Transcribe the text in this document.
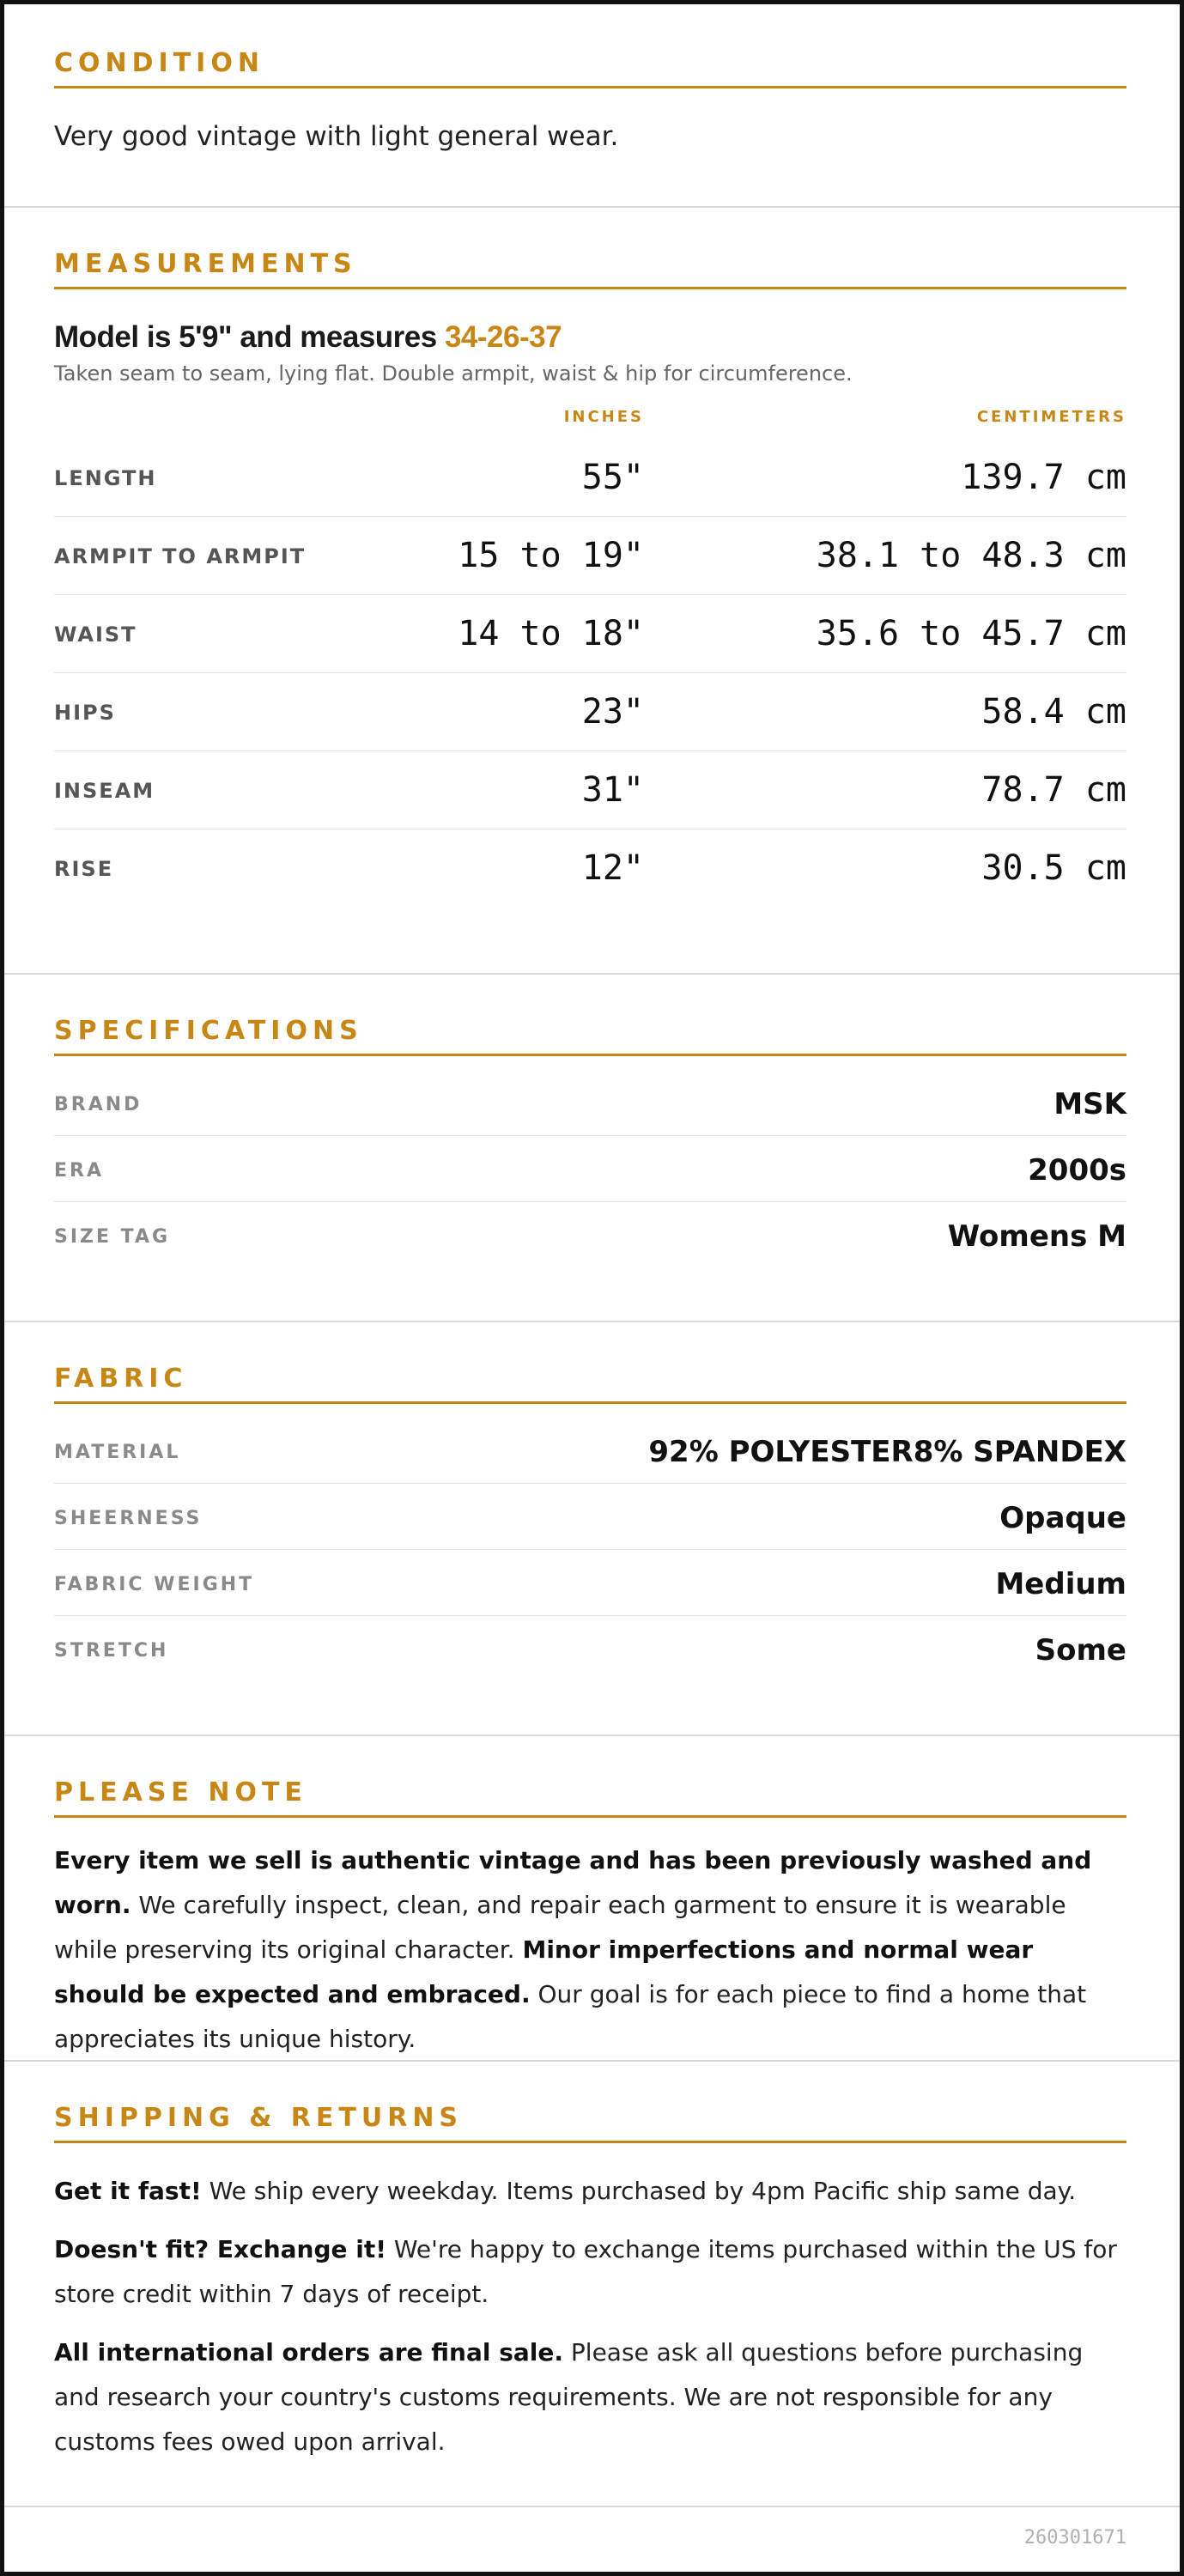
CONDITION
Very good vintage with light general wear.
MEASUREMENTS
Model is 5'9" and measures 34-26-37
Taken seam to seam, lying flat. Double armpit, waist & hip for circumference.
INCHES	CENTIMETERS
LENGTH	55"	139.7 cm
ARMPIT TO ARMPIT	15 to 19"	38.1 to 48.3 cm
WAIST	14 to 18"	35.6 to 45.7 cm
HIPS	23"	58.4 cm
INSEAM	31"	78.7 cm
RISE	12"	30.5 cm
SPECIFICATIONS
BRAND	MSK
ERA	2000s
SIZE TAG	Womens M
FABRIC
MATERIAL	92% POLYESTER8% SPANDEX
SHEERNESS	Opaque
FABRIC WEIGHT	Medium
STRETCH	Some
PLEASE NOTE

Every item we sell is authentic vintage and has been previously washed and worn. We carefully inspect, clean, and repair each garment to ensure it is wearable while preserving its original character. Minor imperfections and normal wear should be expected and embraced. Our goal is for each piece to find a home that appreciates its unique history.

SHIPPING & RETURNS

Get it fast! We ship every weekday. Items purchased by 4pm Pacific ship same day.

Doesn't fit? Exchange it! We're happy to exchange items purchased within the US for store credit within 7 days of receipt.

All international orders are final sale. Please ask all questions before purchasing and research your country's customs requirements. We are not responsible for any customs fees owed upon arrival.

260301671
